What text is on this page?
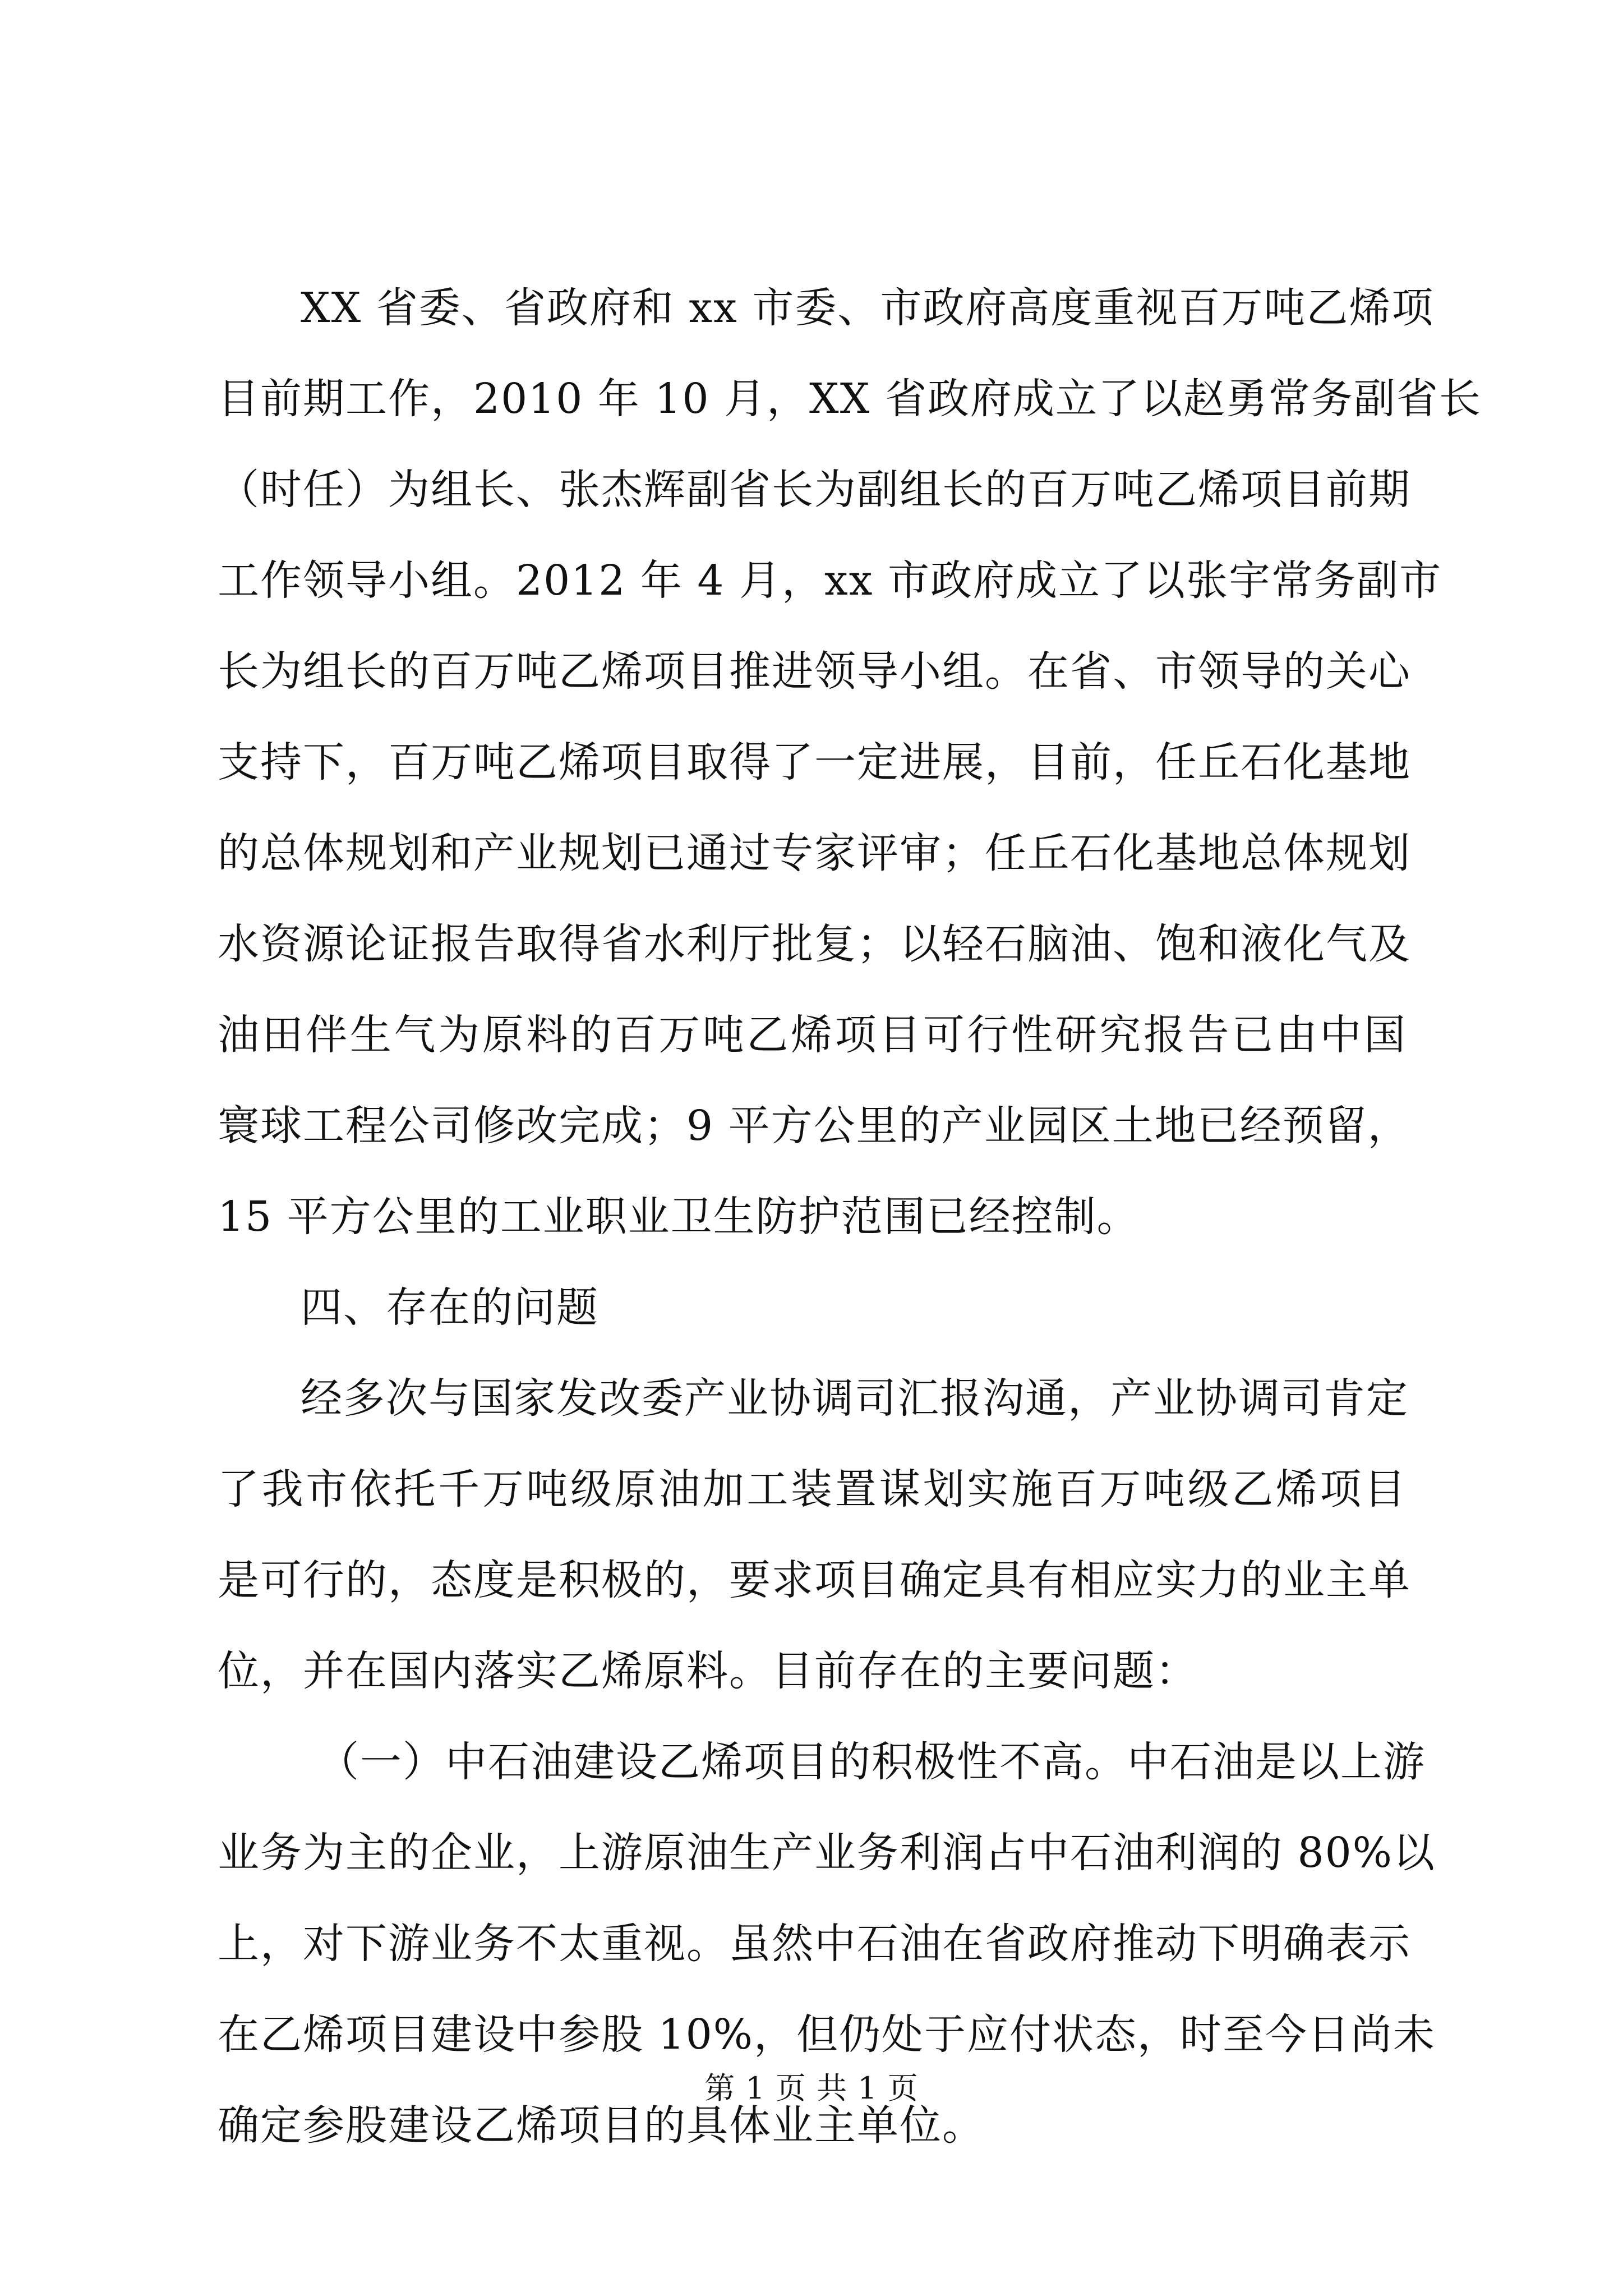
XX 省委、省政府和 xx 市委、市政府高度重视百万吨乙烯项
目前期工作，2010 年 10 月，XX 省政府成立了以赵勇常务副省长
（时任）为组长、张杰辉副省长为副组长的百万吨乙烯项目前期
工作领导小组。2012 年 4 月，xx 市政府成立了以张宇常务副市
长为组长的百万吨乙烯项目推进领导小组。在省、市领导的关心
支持下，百万吨乙烯项目取得了一定进展，目前，任丘石化基地
的总体规划和产业规划已通过专家评审；任丘石化基地总体规划
水资源论证报告取得省水利厅批复；以轻石脑油、饱和液化气及
油田伴生气为原料的百万吨乙烯项目可行性研究报告已由中国
寰球工程公司修改完成；9 平方公里的产业园区土地已经预留，
15 平方公里的工业职业卫生防护范围已经控制。
四、存在的问题
经多次与国家发改委产业协调司汇报沟通，产业协调司肯定
了我市依托千万吨级原油加工装置谋划实施百万吨级乙烯项目
是可行的，态度是积极的，要求项目确定具有相应实力的业主单
位，并在国内落实乙烯原料。目前存在的主要问题：
（一）中石油建设乙烯项目的积极性不高。中石油是以上游
业务为主的企业，上游原油生产业务利润占中石油利润的 80%以
上，对下游业务不太重视。虽然中石油在省政府推动下明确表示
在乙烯项目建设中参股 10%，但仍处于应付状态，时至今日尚未
确定参股建设乙烯项目的具体业主单位。
第 1 页 共 1 页
